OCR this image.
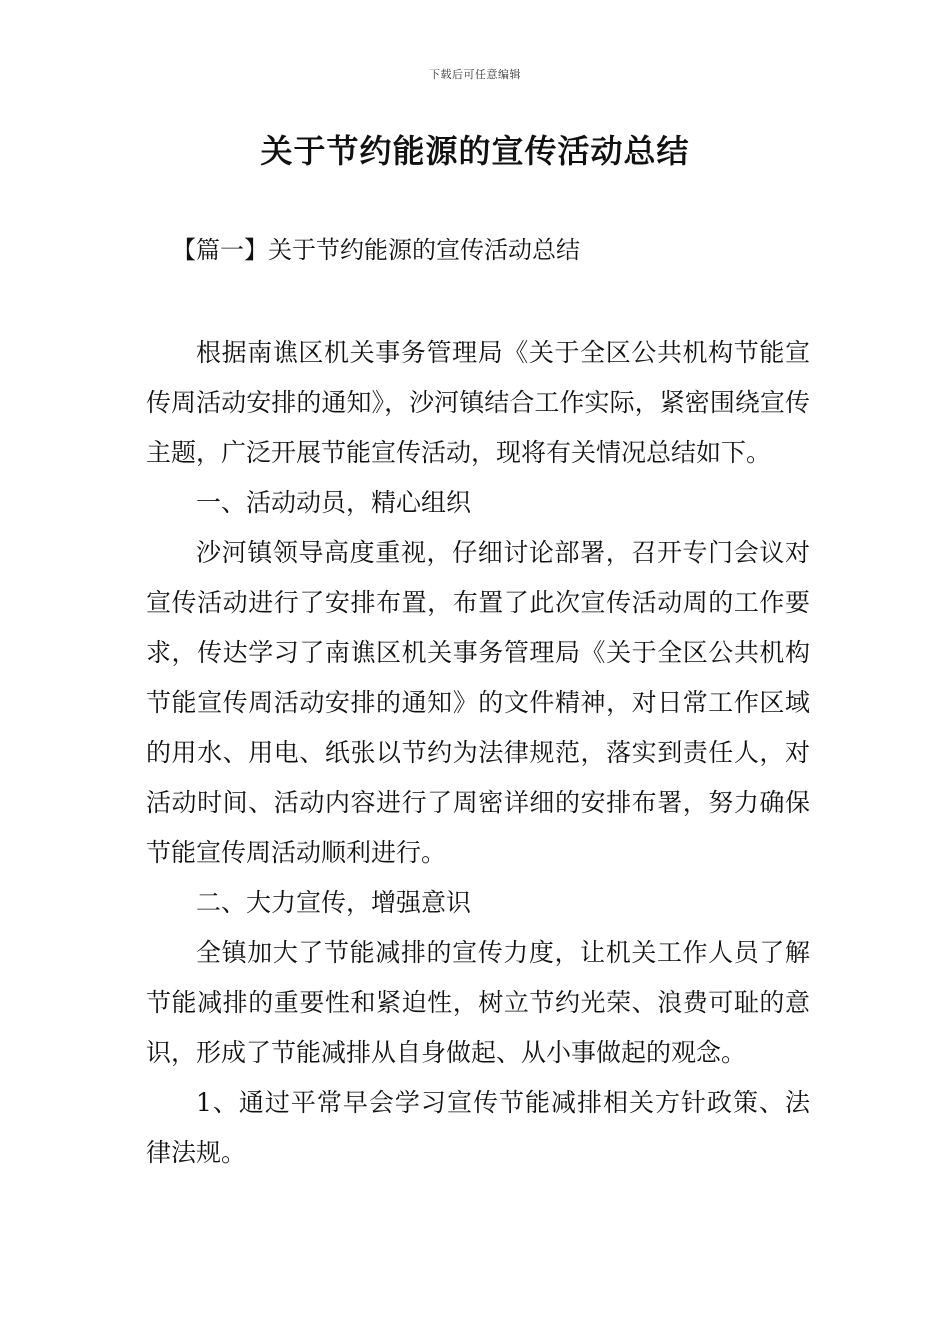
下载后可任意编辑
关于节约能源的宣传活动总结
【篇一】关于节约能源的宣传活动总结

根据南谯区机关事务管理局《关于全区公共机构节能宣传周活动安排的通知》，沙河镇结合工作实际，紧密围绕宣传主题，广泛开展节能宣传活动，现将有关情况总结如下。

一、活动动员，精心组织

沙河镇领导高度重视，仔细讨论部署，召开专门会议对宣传活动进行了安排布置，布置了此次宣传活动周的工作要求，传达学习了南谯区机关事务管理局《关于全区公共机构节能宣传周活动安排的通知》的文件精神，对日常工作区域的用水、用电、纸张以节约为法律规范，落实到责任人，对活动时间、活动内容进行了周密详细的安排布署，努力确保节能宣传周活动顺利进行。

二、大力宣传，增强意识

全镇加大了节能减排的宣传力度，让机关工作人员了解节能减排的重要性和紧迫性，树立节约光荣、浪费可耻的意识，形成了节能减排从自身做起、从小事做起的观念。

1、通过平常早会学习宣传节能减排相关方针政策、法律法规。
